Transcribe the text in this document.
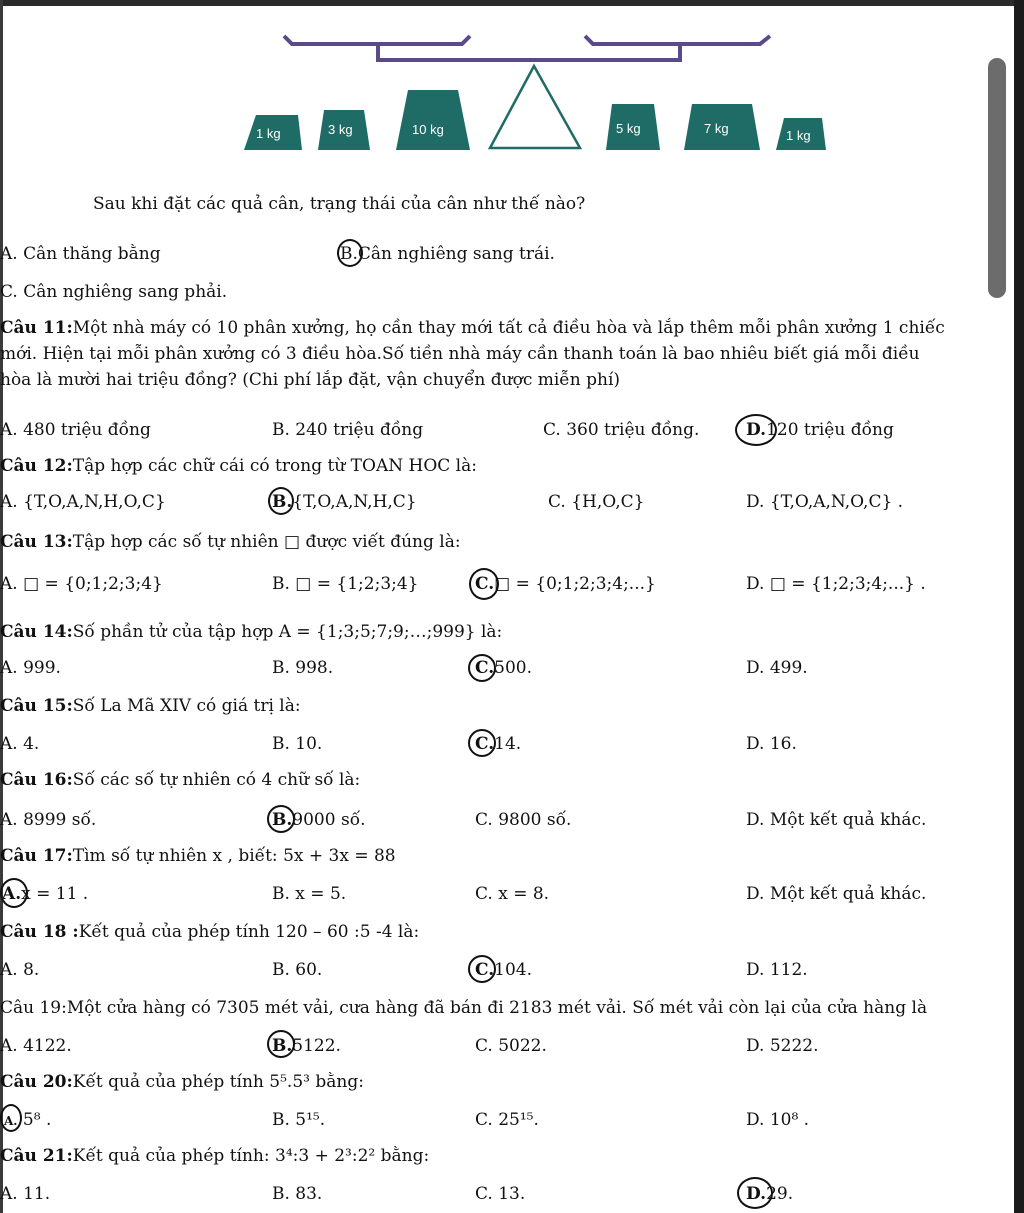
1 kg	3 kg	10 kg	5 kg	7 kg	1 kg
Sau khi đặt các quả cân, trạng thái của cân như thế nào?
A. Cân thăng bằng	B.Cân nghiêng sang trái.
C. Cân nghiêng sang phải.
Câu 11:Một nhà máy có 10 phân xưởng, họ cần thay mới tất cả điều hòa và lắp thêm mỗi phân xưởng 1 chiếc
mới. Hiện tại mỗi phân xưởng có 3 điều hòa.Số tiền nhà máy cần thanh toán là bao nhiêu biết giá mỗi điều
hòa là mười hai triệu đồng? (Chi phí lắp đặt, vận chuyển được miễn phí)
A. 480 triệu đồng	B. 240 triệu đồng	C. 360 triệu đồng.	D.120 triệu đồng
Câu 12:Tập hợp các chữ cái có trong từ TOAN HOC là:
A. {T,O,A,N,H,O,C}	B.{T,O,A,N,H,C}	C. {H,O,C}	D. {T,O,A,N,O,C} .
Câu 13:Tập hợp các số tự nhiên □ được viết đúng là:
A. □ = {0;1;2;3;4}	B. □ = {1;2;3;4}	C.□ = {0;1;2;3;4;...}	D. □ = {1;2;3;4;...} .
Câu 14:Số phần tử của tập hợp A = {1;3;5;7;9;…;999} là:
A. 999.	B. 998.	C.500.	D. 499.
Câu 15:Số La Mã XIV có giá trị là:
A. 4.	B. 10.	C.14.	D. 16.
Câu 16:Số các số tự nhiên có 4 chữ số là:
A. 8999 số.	B.9000 số.	C. 9800 số.	D. Một kết quả khác.
Câu 17:Tìm số tự nhiên x , biết: 5x + 3x = 88
A.x = 11 .	B. x = 5.	C. x = 8.	D. Một kết quả khác.
Câu 18 :Kết quả của phép tính 120 – 60 :5 -4 là:
A. 8.	B. 60.	C.104.	D. 112.
Câu 19:Một cửa hàng có 7305 mét vải, cưa hàng đã bán đi 2183 mét vải. Số mét vải còn lại của cửa hàng là
A. 4122.	B.5122.	C. 5022.	D. 5222.
Câu 20:Kết quả của phép tính 5⁵.5³ bằng:
A. 5⁸ .	B. 5¹⁵.	C. 25¹⁵.	D. 10⁸ .
Câu 21:Kết quả của phép tính: 3⁴:3 + 2³:2² bằng:
A. 11.	B. 83.	C. 13.	D.29.
